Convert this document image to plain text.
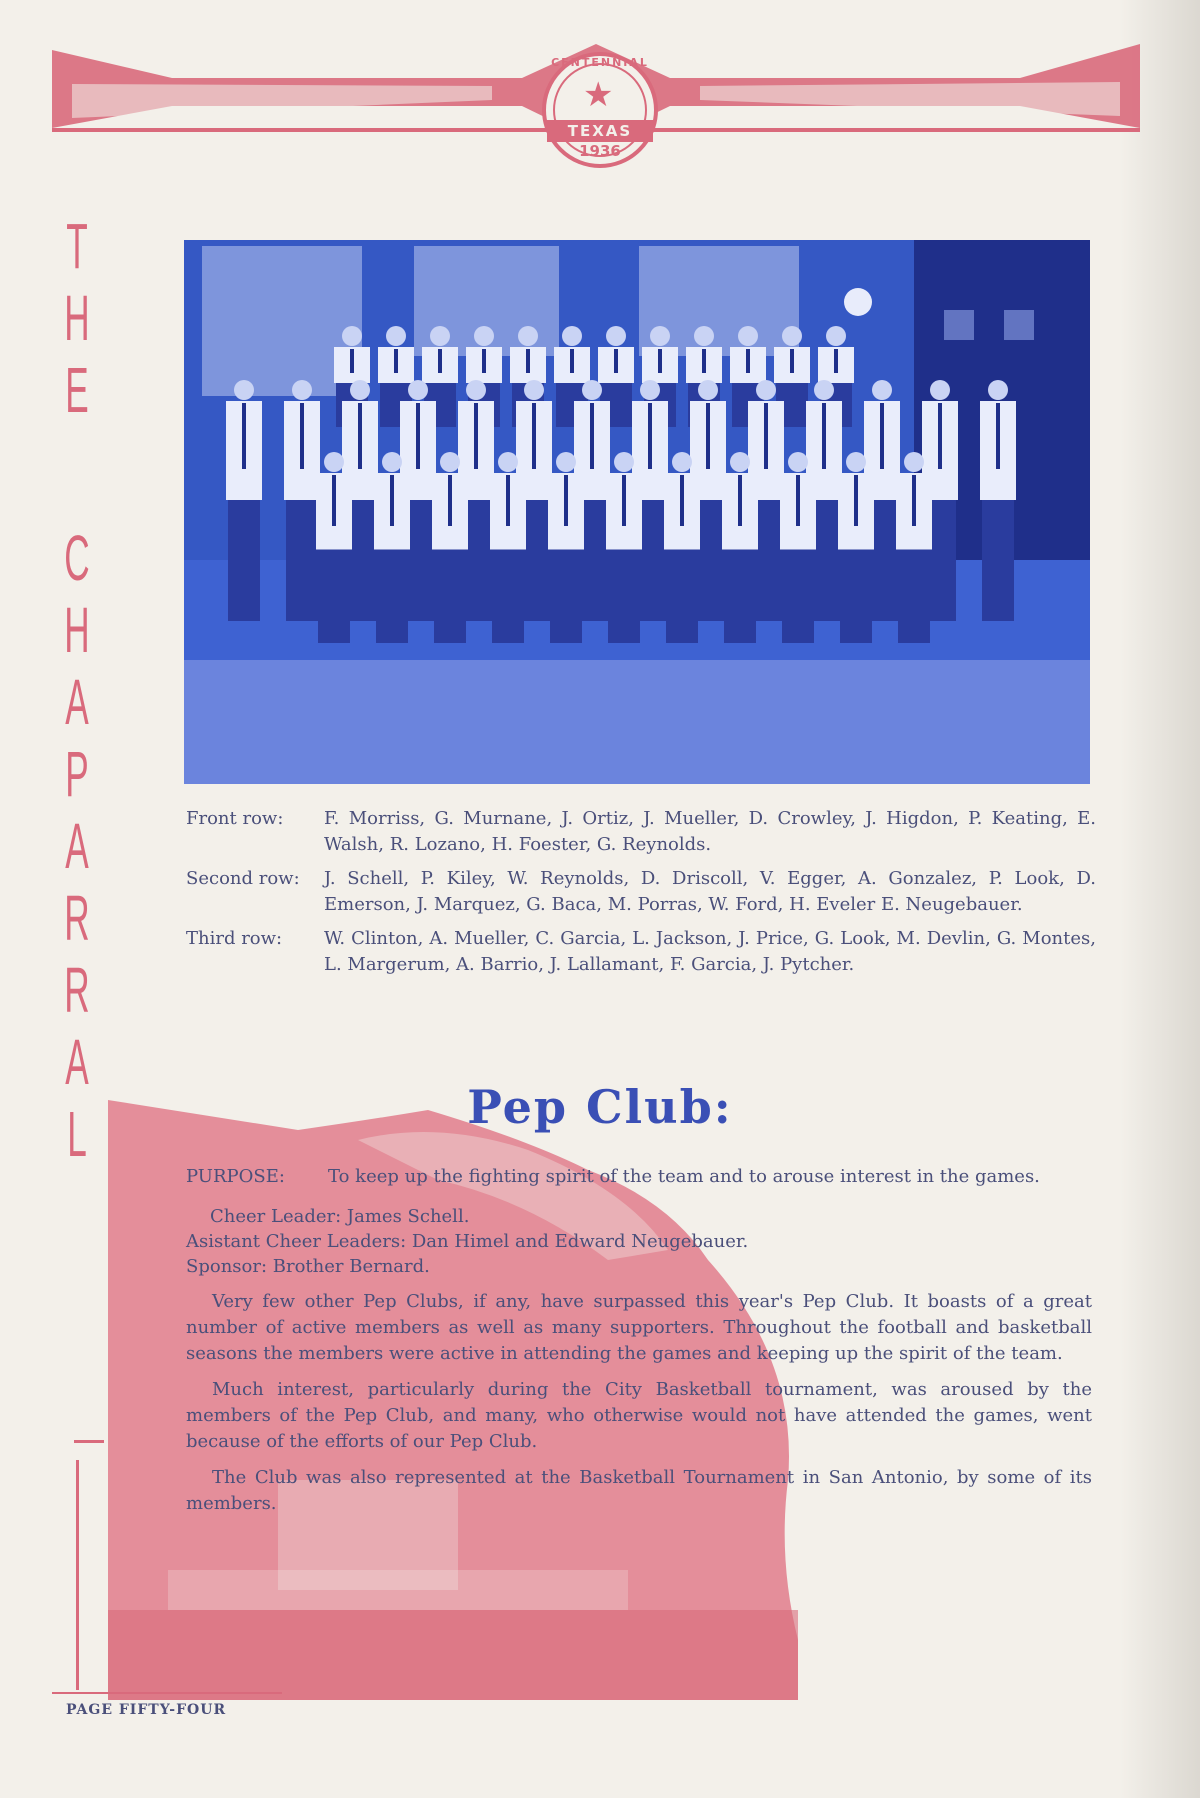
CENTENNIAL
★
TEXAS
1936
T
H
E
C
H
A
P
A
R
R
A
L
Front row:	F. Morriss, G. Murnane, J. Ortiz, J. Mueller, D. Crowley, J. Higdon, P. Keating, E. Walsh, R. Lozano, H. Foester, G. Reynolds.
Second row:	J. Schell, P. Kiley, W. Reynolds, D. Driscoll, V. Egger, A. Gonzalez, P. Look, D. Emerson, J. Marquez, G. Baca, M. Porras, W. Ford, H. Eveler E. Neugebauer.
Third row:	W. Clinton, A. Mueller, C. Garcia, L. Jackson, J. Price, G. Look, M. Devlin, G. Montes, L. Margerum, A. Barrio, J. Lallamant, F. Garcia, J. Pytcher.
Pep Club:
PURPOSE:	To keep up the fighting spirit of the team and to arouse interest in the games.
Cheer Leader: James Schell.
Asistant Cheer Leaders: Dan Himel and Edward Neugebauer.
Sponsor: Brother Bernard.

Very few other Pep Clubs, if any, have surpassed this year's Pep Club. It boasts of a great number of active members as well as many supporters. Throughout the football and basketball seasons the members were active in attending the games and keeping up the spirit of the team.

Much interest, particularly during the City Basketball tournament, was aroused by the members of the Pep Club, and many, who otherwise would not have attended the games, went because of the efforts of our Pep Club.

The Club was also represented at the Basketball Tournament in San Antonio, by some of its members.

PAGE FIFTY-FOUR
